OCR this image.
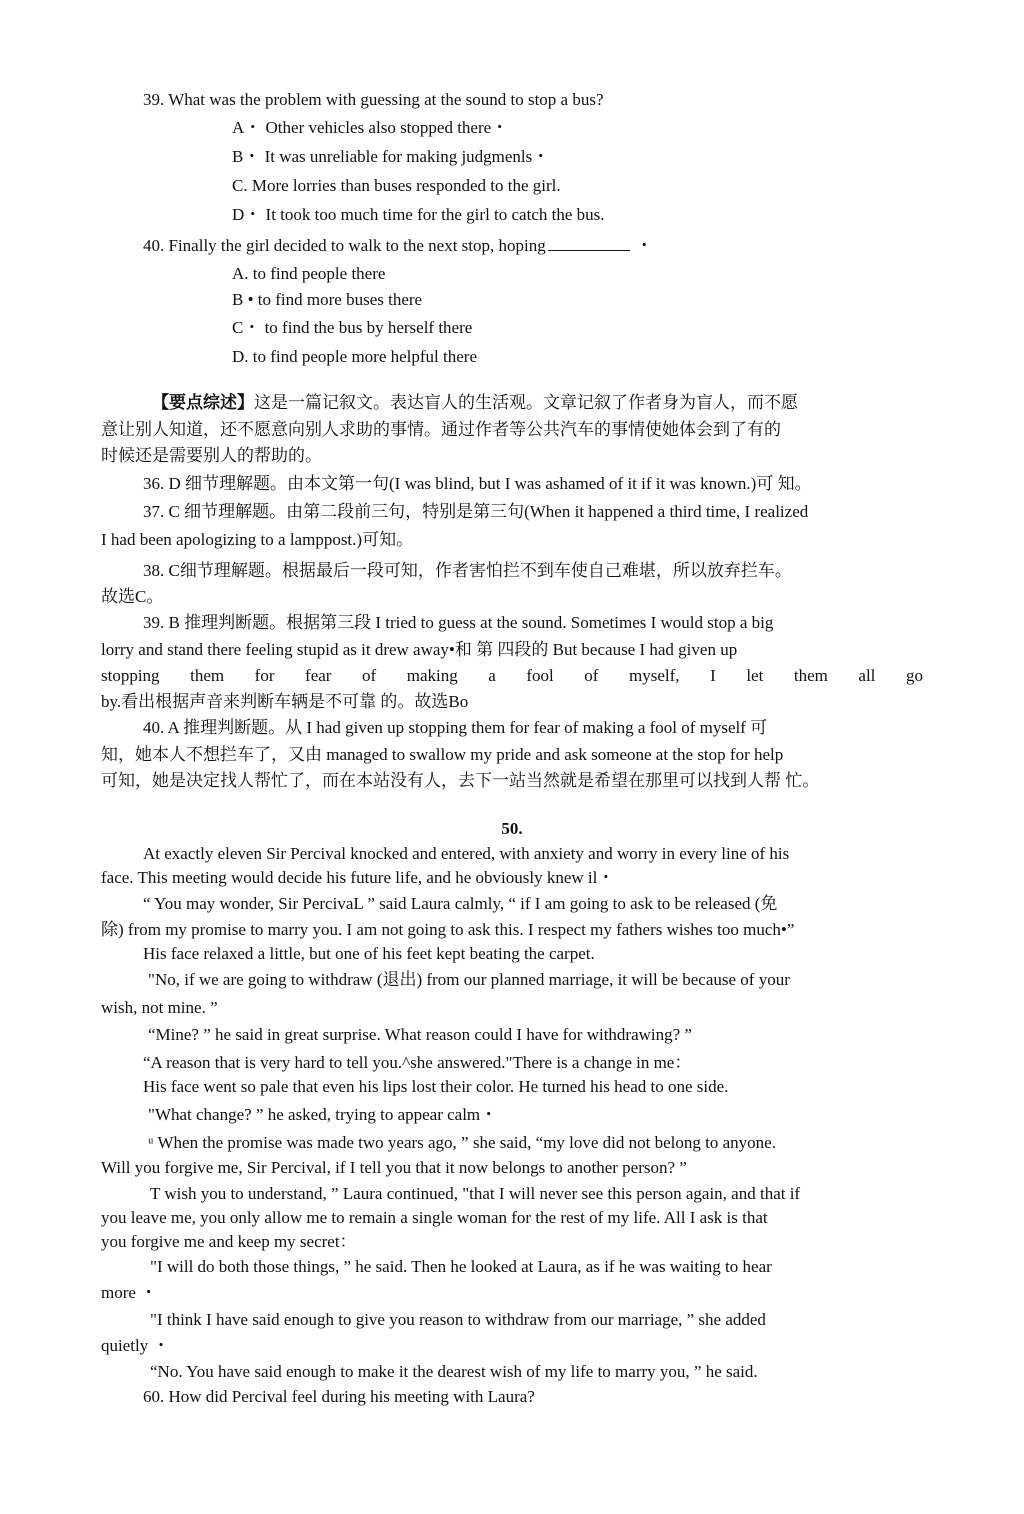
39. What was the problem with guessing at the sound to stop a bus?
A・ Other vehicles also stopped there・
B・ It was unreliable for making judgmenls・
C. More lorries than buses responded to the girl.
D・ It took too much time for the girl to catch the bus.
40. Finally the girl decided to walk to the next stop, hoping	・
A. to find people there
B • to find more buses there
C・ to find the bus by herself there
D. to find people more helpful there
【要点综述】这是一篇记叙文。表达盲人的生活观。文章记叙了作者身为盲人，而不愿
意让别人知道，还不愿意向别人求助的事情。通过作者等公共汽车的事情使她体会到了有的
时候还是需要别人的帮助的。
36. D 细节理解题。由本文第一句(I was blind, but I was ashamed of it if it was known.)可 知。
37. C 细节理解题。由第二段前三句，特别是第三句(When it happened a third time, I realized
I had been apologizing to a lamppost.)可知。
38. C细节理解题。根据最后一段可知，作者害怕拦不到车使自己难堪，所以放弃拦车。
故选C。
39. B 推理判断题。根据第三段 I tried to guess at the sound. Sometimes I would stop a big
lorry and stand there feeling stupid as it drew away•和 第 四段的 But because I had given up
stopping them for fear of making a fool of myself, I let them all go
by.看出根据声音来判断车辆是不可靠 的。故选Bo
40. A 推理判断题。从 I had given up stopping them for fear of making a fool of myself 可
知，她本人不想拦车了，又由 managed to swallow my pride and ask someone at the stop for help
可知，她是决定找人帮忙了，而在本站没有人，去下一站当然就是希望在那里可以找到人帮 忙。
50.
At exactly eleven Sir Percival knocked and entered, with anxiety and worry in every line of his
face. This meeting would decide his future life, and he obviously knew il・
“ You may wonder, Sir PercivaL ” said Laura calmly, “ if I am going to ask to be released (免
除) from my promise to marry you. I am not going to ask this. I respect my fathers wishes too much•”
His face relaxed a little, but one of his feet kept beating the carpet.
"No, if we are going to withdraw (退出) from our planned marriage, it will be because of your
wish, not mine. ”
“Mine? ” he said in great surprise. What reason could I have for withdrawing? ”
“A reason that is very hard to tell you.^she answered."There is a change in me：
His face went so pale that even his lips lost their color. He turned his head to one side.
"What change? ” he asked, trying to appear calm・
ᵘ When the promise was made two years ago, ” she said, “my love did not belong to anyone.
Will you forgive me, Sir Percival, if I tell you that it now belongs to another person? ”
T wish you to understand, ” Laura continued, "that I will never see this person again, and that if
you leave me, you only allow me to remain a single woman for the rest of my life. All I ask is that
you forgive me and keep my secret：
"I will do both those things, ” he said. Then he looked at Laura, as if he was waiting to hear
more ・
"I think I have said enough to give you reason to withdraw from our marriage, ” she added
quietly ・
“No. You have said enough to make it the dearest wish of my life to marry you, ” he said.
60. How did Percival feel during his meeting with Laura?
